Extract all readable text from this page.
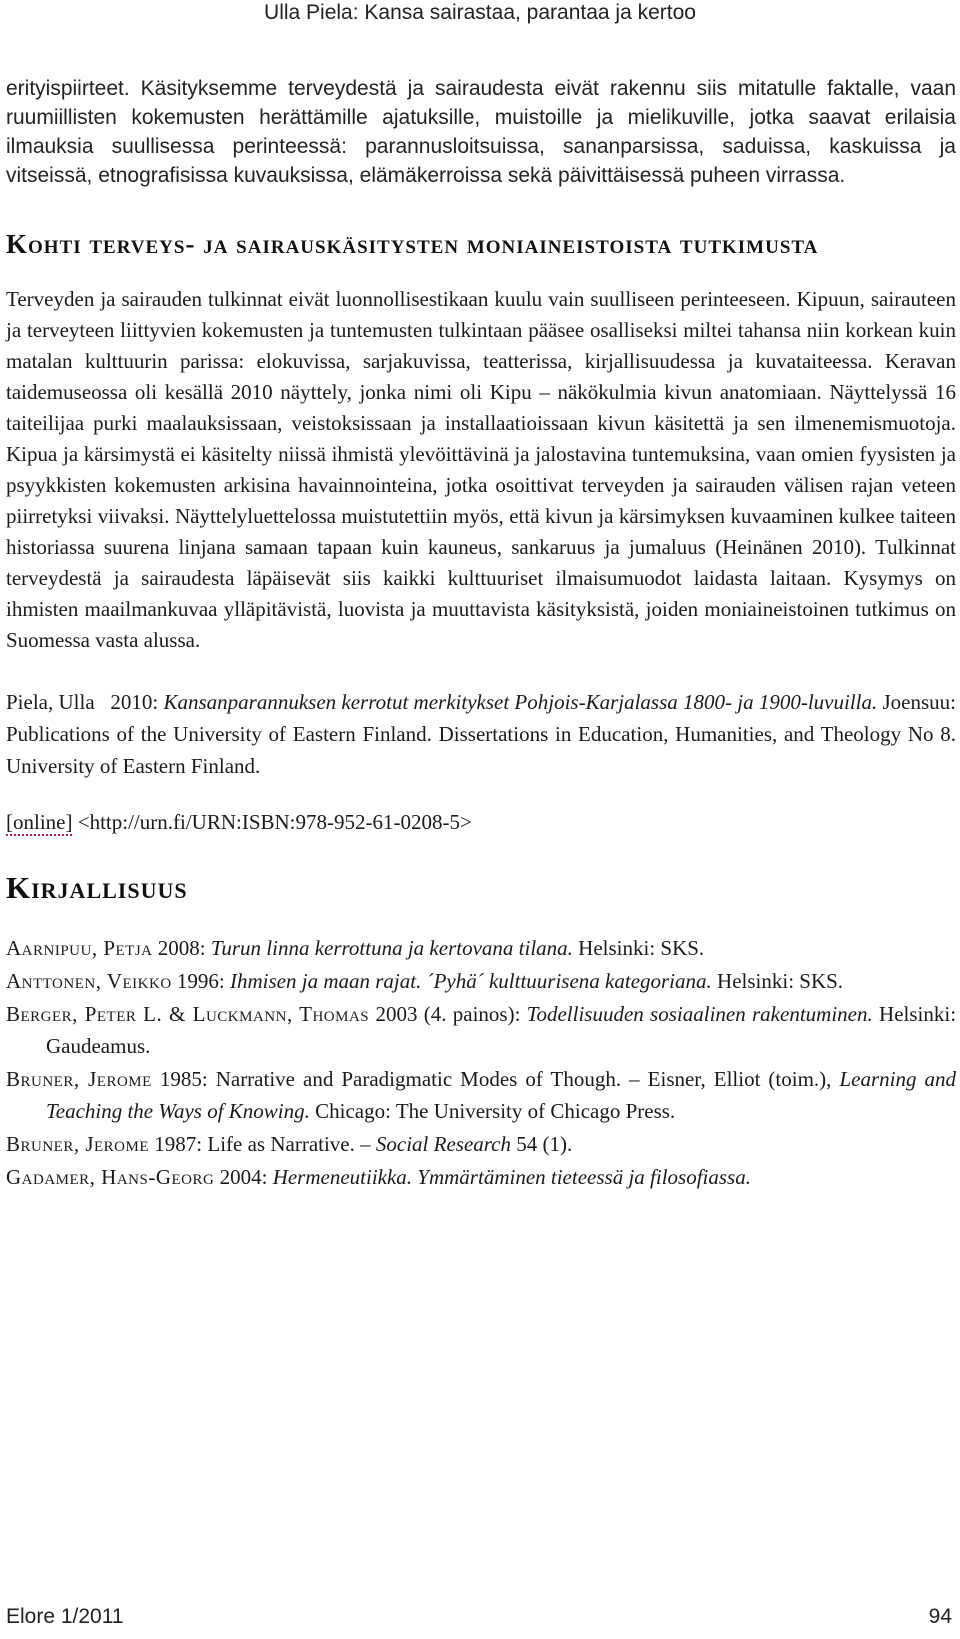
Ulla Piela: Kansa sairastaa, parantaa ja kertoo

erityispiirteet. Käsityksemme terveydestä ja sairaudesta eivät rakennu siis mitatulle faktalle, vaan ruumiillisten kokemusten herättämille ajatuksille, muistoille ja mielikuville, jotka saavat erilaisia ilmauksia suullisessa perinteessä: parannusloitsuissa, sananparsissa, saduissa, kaskuissa ja vitseissä, etnografisissa kuvauksissa, elämäkerroissa sekä päivittäisessä puheen virrassa.

Kohti terveys- ja sairauskäsitysten moniaineistoista tutkimusta

Terveyden ja sairauden tulkinnat eivät luonnollisestikaan kuulu vain suulliseen perinteeseen. Kipuun, sairauteen ja terveyteen liittyvien kokemusten ja tuntemusten tulkintaan pääsee osalliseksi miltei tahansa niin korkean kuin matalan kulttuurin parissa: elokuvissa, sarjakuvissa, teatterissa, kirjallisuudessa ja kuvataiteessa. Keravan taidemuseossa oli kesällä 2010 näyttely, jonka nimi oli Kipu – näkökulmia kivun anatomiaan. Näyttelyssä 16 taiteilijaa purki maalauksissaan, veistoksissaan ja installaatioissaan kivun käsitettä ja sen ilmenemismuotoja. Kipua ja kärsimystä ei käsitelty niissä ihmistä ylevöittävinä ja jalostavina tuntemuksina, vaan omien fyysisten ja psyykkisten kokemusten arkisina havainnointeina, jotka osoittivat terveyden ja sairauden välisen rajan veteen piirretyksi viivaksi. Näyttelyluettelossa muistutettiin myös, että kivun ja kärsimyksen kuvaaminen kulkee taiteen historiassa suurena linjana samaan tapaan kuin kauneus, sankaruus ja jumaluus (Heinänen 2010). Tulkinnat terveydestä ja sairaudesta läpäisevät siis kaikki kulttuuriset ilmaisumuodot laidasta laitaan. Kysymys on ihmisten maailmankuvaa ylläpitävistä, luovista ja muuttavista käsityksistä, joiden moniaineistoinen tutkimus on Suomessa vasta alussa.

Piela, Ulla 2010: Kansanparannuksen kerrotut merkitykset Pohjois-Karjalassa 1800- ja 1900-luvuilla. Joensuu: Publications of the University of Eastern Finland. Dissertations in Education, Humanities, and Theology No 8. University of Eastern Finland.
[online] <http://urn.fi/URN:ISBN:978-952-61-0208-5>
Kirjallisuus
Aarnipuu, Petja 2008: Turun linna kerrottuna ja kertovana tilana. Helsinki: SKS.
Anttonen, Veikko 1996: Ihmisen ja maan rajat. ´Pyhä´ kulttuurisena kategoriana. Helsinki: SKS.
Berger, Peter L. & Luckmann, Thomas 2003 (4. painos): Todellisuuden sosiaalinen rakentuminen. Helsinki: Gaudeamus.
Bruner, Jerome 1985: Narrative and Paradigmatic Modes of Though. – Eisner, Elliot (toim.), Learning and Teaching the Ways of Knowing. Chicago: The University of Chicago Press.
Bruner, Jerome 1987: Life as Narrative. – Social Research 54 (1).
Gadamer, Hans-Georg 2004: Hermeneutiikka. Ymmärtäminen tieteessä ja filosofiassa.
Elore 1/2011	94
